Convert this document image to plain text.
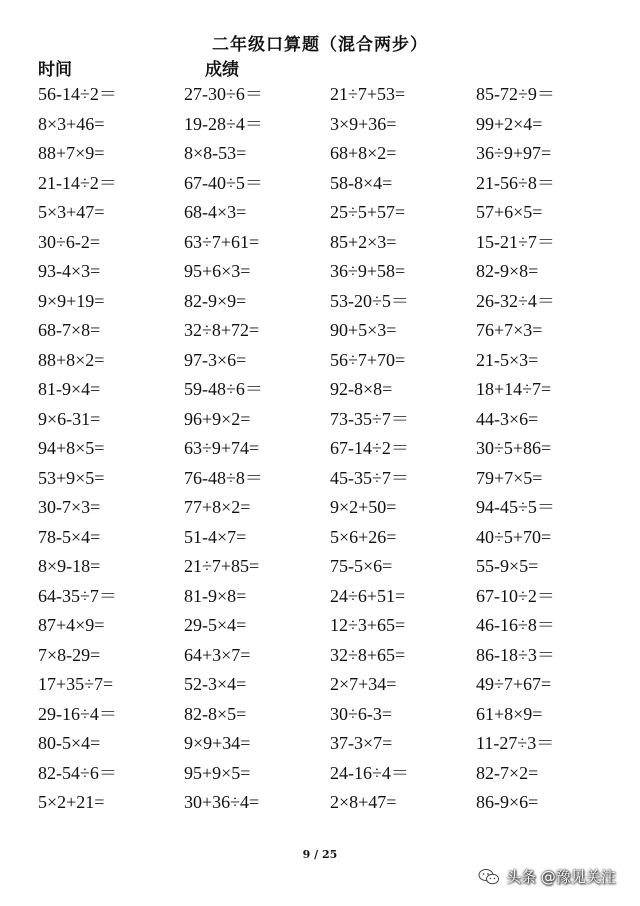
二年级口算题（混合两步）
时间	成绩
56-14÷2＝	27-30÷6＝	21÷7+53=	85-72÷9＝
8×3+46=	19-28÷4＝	3×9+36=	99+2×4=
88+7×9=	8×8-53=	68+8×2=	36÷9+97=
21-14÷2＝	67-40÷5＝	58-8×4=	21-56÷8＝
5×3+47=	68-4×3=	25÷5+57=	57+6×5=
30÷6-2=	63÷7+61=	85+2×3=	15-21÷7＝
93-4×3=	95+6×3=	36÷9+58=	82-9×8=
9×9+19=	82-9×9=	53-20÷5＝	26-32÷4＝
68-7×8=	32÷8+72=	90+5×3=	76+7×3=
88+8×2=	97-3×6=	56÷7+70=	21-5×3=
81-9×4=	59-48÷6＝	92-8×8=	18+14÷7=
9×6-31=	96+9×2=	73-35÷7＝	44-3×6=
94+8×5=	63÷9+74=	67-14÷2＝	30÷5+86=
53+9×5=	76-48÷8＝	45-35÷7＝	79+7×5=
30-7×3=	77+8×2=	9×2+50=	94-45÷5＝
78-5×4=	51-4×7=	5×6+26=	40÷5+70=
8×9-18=	21÷7+85=	75-5×6=	55-9×5=
64-35÷7＝	81-9×8=	24÷6+51=	67-10÷2＝
87+4×9=	29-5×4=	12÷3+65=	46-16÷8＝
7×8-29=	64+3×7=	32÷8+65=	86-18÷3＝
17+35÷7=	52-3×4=	2×7+34=	49÷7+67=
29-16÷4＝	82-8×5=	30÷6-3=	61+8×9=
80-5×4=	9×9+34=	37-3×7=	11-27÷3＝
82-54÷6＝	95+9×5=	24-16÷4＝	82-7×2=
5×2+21=	30+36÷4=	2×8+47=	86-9×6=
9 / 25
头条 @豫见关注
